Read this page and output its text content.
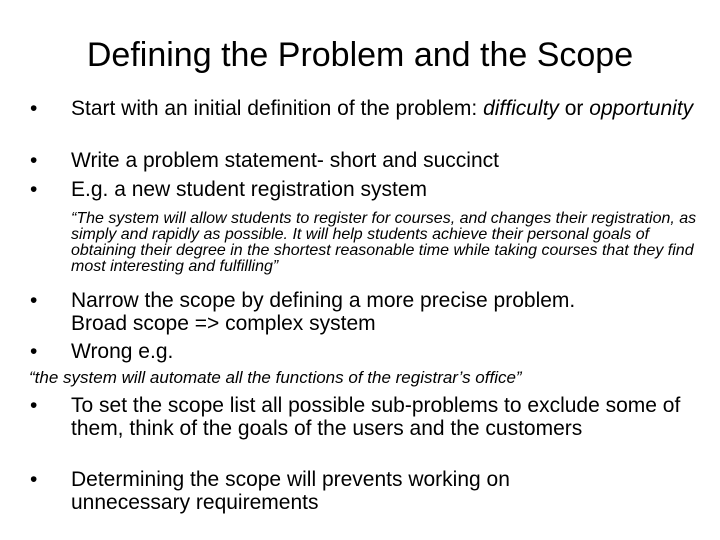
Defining the Problem and the Scope
•	Start with an initial definition of the problem: difficulty or opportunity
•	Write a problem statement- short and succinct
•	E.g. a new student registration system
“The system will allow students to register for courses, and changes their registration, as simply and rapidly as possible. It will help students achieve their personal goals of obtaining their degree in the shortest reasonable time while taking courses that they find most interesting and fulfilling”
•	Narrow the scope by defining a more precise problem.
Broad scope => complex system
•	Wrong e.g.
“the system will automate all the functions of the registrar’s office”
•	To set the scope list all possible sub-problems to exclude some of them, think of the goals of the users and the customers
•	Determining the scope will prevents working on unnecessary requirements
